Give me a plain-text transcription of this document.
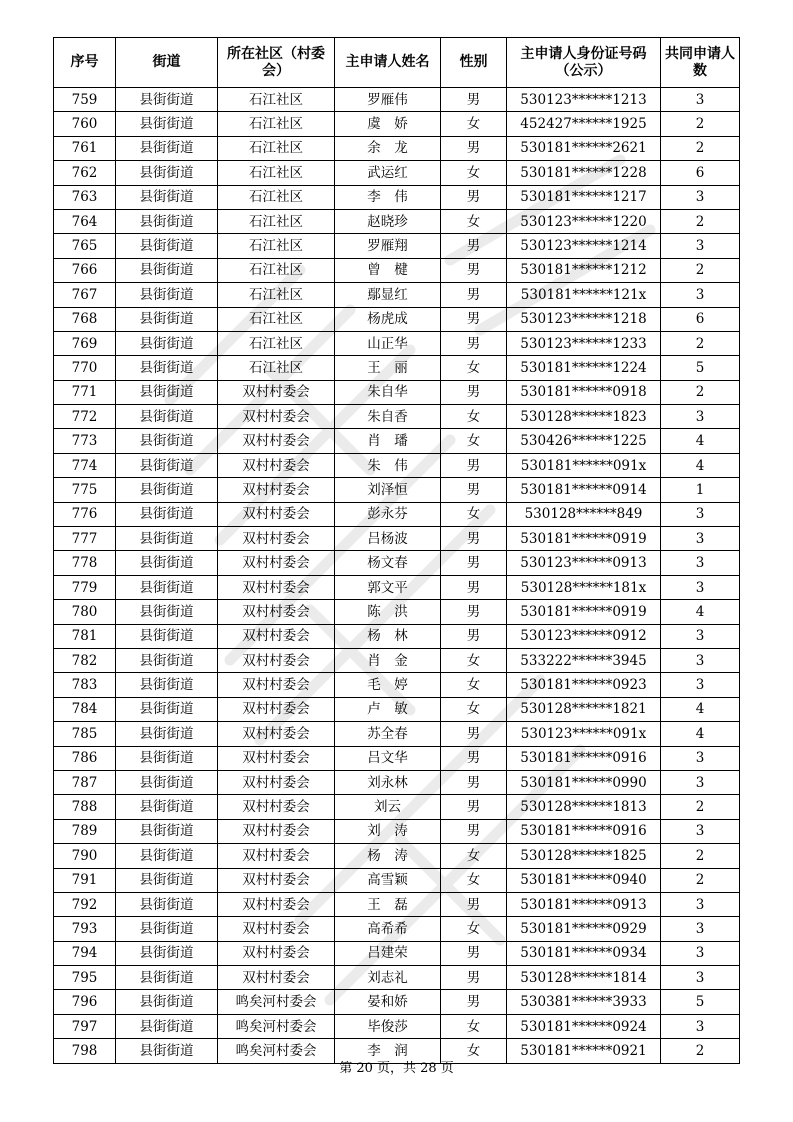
序号	街道	所在社区（村委会）	主申请人姓名	性别	主申请人身份证号码（公示）	共同申请人数
759	县街街道	石江社区	罗雁伟	男	530123******1213	3
760	县街街道	石江社区	虞　娇	女	452427******1925	2
761	县街街道	石江社区	余　龙	男	530181******2621	2
762	县街街道	石江社区	武运红	女	530181******1228	6
763	县街街道	石江社区	李　伟	男	530181******1217	3
764	县街街道	石江社区	赵晓珍	女	530123******1220	2
765	县街街道	石江社区	罗雁翔	男	530123******1214	3
766	县街街道	石江社区	曾　楗	男	530181******1212	2
767	县街街道	石江社区	鄢显红	男	530181******121x	3
768	县街街道	石江社区	杨虎成	男	530123******1218	6
769	县街街道	石江社区	山正华	男	530123******1233	2
770	县街街道	石江社区	王　丽	女	530181******1224	5
771	县街街道	双村村委会	朱自华	男	530181******0918	2
772	县街街道	双村村委会	朱自香	女	530128******1823	3
773	县街街道	双村村委会	肖　璠	女	530426******1225	4
774	县街街道	双村村委会	朱　伟	男	530181******091x	4
775	县街街道	双村村委会	刘泽恒	男	530181******0914	1
776	县街街道	双村村委会	彭永芬	女	530128******849	3
777	县街街道	双村村委会	吕杨波	男	530181******0919	3
778	县街街道	双村村委会	杨文春	男	530123******0913	3
779	县街街道	双村村委会	郭文平	男	530128******181x	3
780	县街街道	双村村委会	陈　洪	男	530181******0919	4
781	县街街道	双村村委会	杨　林	男	530123******0912	3
782	县街街道	双村村委会	肖　金	女	533222******3945	3
783	县街街道	双村村委会	毛　婷	女	530181******0923	3
784	县街街道	双村村委会	卢　敏	女	530128******1821	4
785	县街街道	双村村委会	苏全春	男	530123******091x	4
786	县街街道	双村村委会	吕文华	男	530181******0916	3
787	县街街道	双村村委会	刘永林	男	530181******0990	3
788	县街街道	双村村委会	刘云	男	530128******1813	2
789	县街街道	双村村委会	刘　涛	男	530181******0916	3
790	县街街道	双村村委会	杨　涛	女	530128******1825	2
791	县街街道	双村村委会	高雪颖	女	530181******0940	2
792	县街街道	双村村委会	王　磊	男	530181******0913	3
793	县街街道	双村村委会	高希希	女	530181******0929	3
794	县街街道	双村村委会	吕建荣	男	530181******0934	3
795	县街街道	双村村委会	刘志礼	男	530128******1814	3
796	县街街道	鸣矣河村委会	晏和娇	男	530381******3933	5
797	县街街道	鸣矣河村委会	毕俊莎	女	530181******0924	3
798	县街街道	鸣矣河村委会	李　润	女	530181******0921	2
第 20 页，共 28 页
